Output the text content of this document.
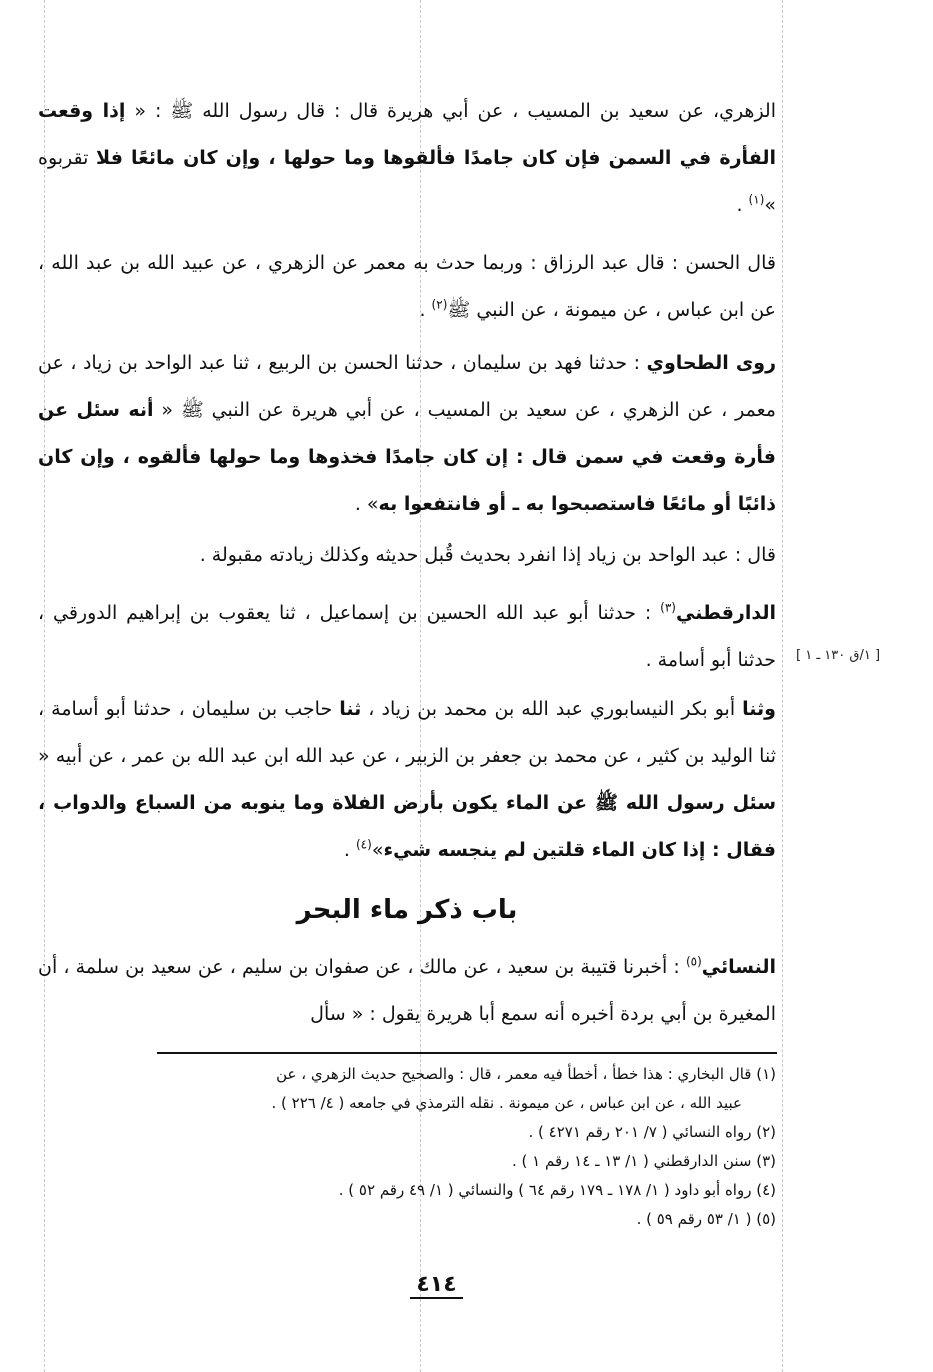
الزهري، عن سعيد بن المسيب ، عن أبي هريرة قال : قال رسول الله ﷺ : « إذا وقعت الفأرة في السمن فإن كان جامدًا فألقوها وما حولها ، وإن كان مائعًا فلا تقربوه »$^{(١)}$ .

قال الحسن : قال عبد الرزاق : وربما حدث به معمر عن الزهري ، عن عبيد الله بن عبد الله ، عن ابن عباس ، عن ميمونة ، عن النبي ﷺ$^{(٢)}$ .

روى الطحاوي : حدثنا فهد بن سليمان ، حدثنا الحسن بن الربيع ، ثنا عبد الواحد بن زياد ، عن معمر ، عن الزهري ، عن سعيد بن المسيب ، عن أبي هريرة عن النبي ﷺ « أنه سئل عن فأرة وقعت في سمن قال : إن كان جامدًا فخذوها وما حولها فألقوه ، وإن كان ذائبًا أو مائعًا فاستصبحوا به ـ أو فانتفعوا به» .

قال : عبد الواحد بن زياد إذا انفرد بحديث قُبل حديثه وكذلك زيادته مقبولة .

الدارقطني$^{(٣)}$ : حدثنا أبو عبد الله الحسين بن إسماعيل ، ثنا يعقوب بن إبراهيم الدورقي ، حدثنا أبو أسامة . [ ١/ق ١٣٠ ـ ١ ]

وثنا أبو بكر النيسابوري عبد الله بن محمد بن زياد ، ثنا حاجب بن سليمان ، حدثنا أبو أسامة ، ثنا الوليد بن كثير ، عن محمد بن جعفر بن الزبير ، عن عبد الله ابن عبد الله بن عمر ، عن أبيه « سئل رسول الله ﷺ عن الماء يكون بأرض الفلاة وما ينوبه من السباع والدواب ، فقال : إذا كان الماء قلتين لم ينجسه شيء»$^{(٤)}$ .

باب ذكر ماء البحر

النسائي$^{(٥)}$ : أخبرنا قتيبة بن سعيد ، عن مالك ، عن صفوان بن سليم ، عن سعيد بن سلمة ، أن المغيرة بن أبي بردة أخبره أنه سمع أبا هريرة يقول : « سأل

(١) قال البخاري : هذا خطأ ، أخطأ فيه معمر ، قال : والصحيح حديث الزهري ، عن
عبيد الله ، عن ابن عباس ، عن ميمونة . نقله الترمذي في جامعه ( ٤/ ٢٢٦ ) .
(٢) رواه النسائي ( ٧/ ٢٠١ رقم ٤٢٧١ ) .
(٣) سنن الدارقطني ( ١/ ١٣ ـ ١٤ رقم ١ ) .
(٤) رواه أبو داود ( ١/ ١٧٨ ـ ١٧٩ رقم ٦٤ ) والنسائي ( ١/ ٤٩ رقم ٥٢ ) .
(٥) ( ١/ ٥٣ رقم ٥٩ ) .
٤١٤
